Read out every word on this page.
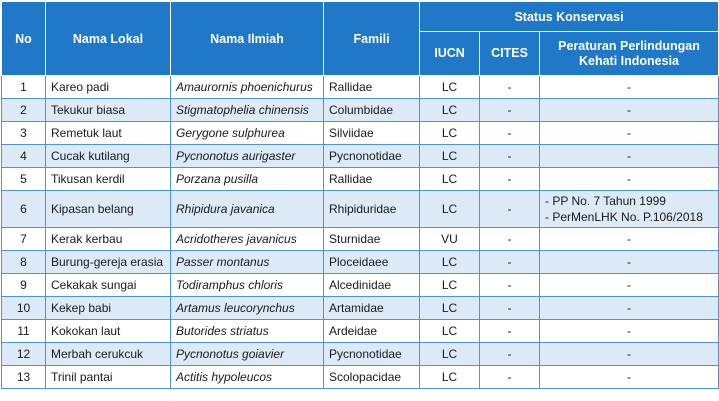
No	Nama Lokal	Nama Ilmiah	Famili	Status Konservasi		
				IUCN	CITES	Peraturan Perlindungan Kehati Indonesia
1	Kareo padi	Amaurornis phoenichurus	Rallidae	LC	-	-
2	Tekukur biasa	Stigmatophelia chinensis	Columbidae	LC	-	-
3	Remetuk laut	Gerygone sulphurea	Silviidae	LC	-	-
4	Cucak kutilang	Pycnonotus aurigaster	Pycnonotidae	LC	-	-
5	Tikusan kerdil	Porzana pusilla	Rallidae	LC	-	-
6	Kipasan belang	Rhipidura javanica	Rhipiduridae	LC	-	- PP No. 7 Tahun 1999
- PerMenLHK No. P.106/2018

7	Kerak kerbau	Acridotheres javanicus	Sturnidae	VU	-	-
8	Burung-gereja erasia	Passer montanus	Ploceidaee	LC	-	-
9	Cekakak sungai	Todiramphus chloris	Alcedinidae	LC	-	-
10	Kekep babi	Artamus leucorynchus	Artamidae	LC	-	-
11	Kokokan laut	Butorides striatus	Ardeidae	LC	-	-
12	Merbah cerukcuk	Pycnonotus goiavier	Pycnonotidae	LC	-	-
13	Trinil pantai	Actitis hypoleucos	Scolopacidae	LC	-	-
